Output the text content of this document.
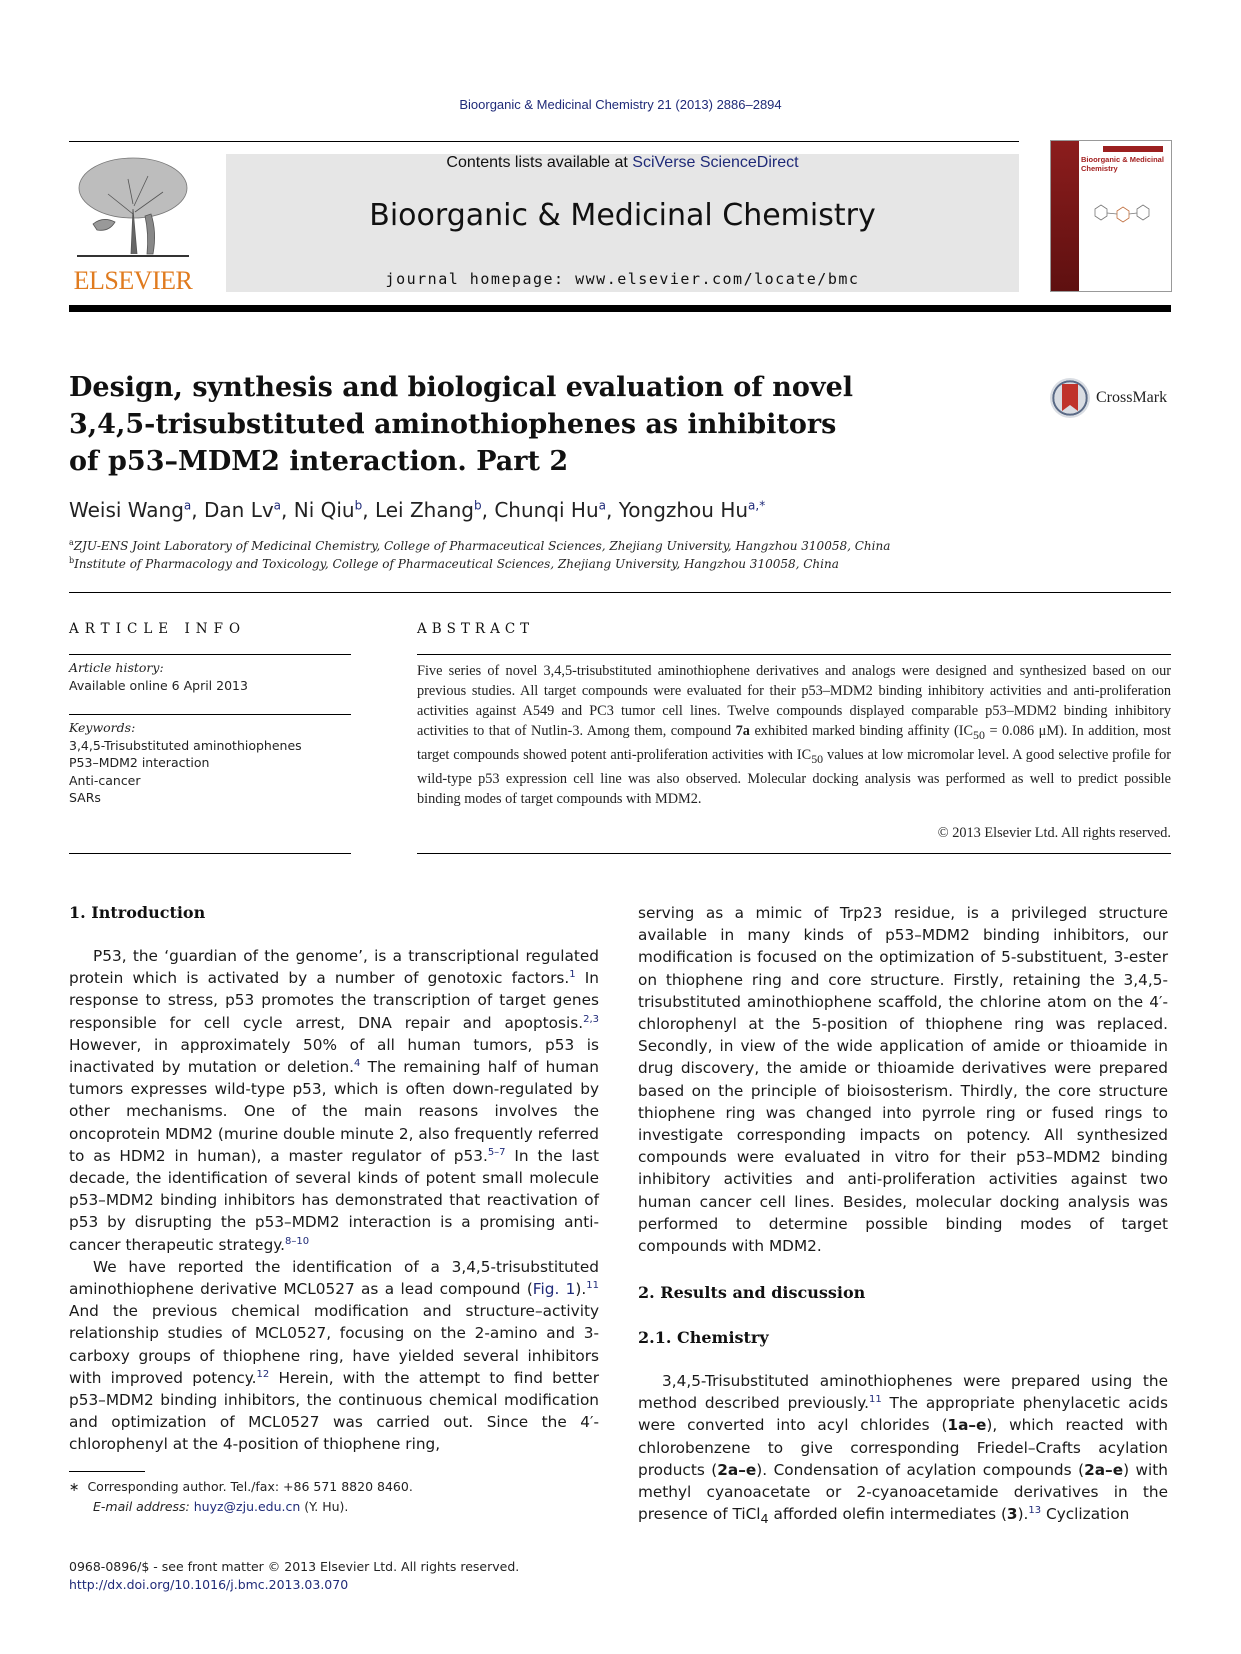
Bioorganic & Medicinal Chemistry 21 (2013) 2886–2894
ELSEVIER
Contents lists available at SciVerse ScienceDirect
Bioorganic & Medicinal Chemistry
journal homepage: www.elsevier.com/locate/bmc
Bioorganic & Medicinal
Chemistry
Design, synthesis and biological evaluation of novel
3,4,5-trisubstituted aminothiophenes as inhibitors
of p53–MDM2 interaction. Part 2
CrossMark
Weisi Wang$^a$, Dan Lv$^a$, Ni Qiu$^b$, Lei Zhang$^b$, Chunqi Hu$^a$, Yongzhou $Hu^{a,*}$
$^a$ZJU-ENS Joint Laboratory of Medicinal Chemistry, College of Pharmaceutical Sciences, Zhejiang University, Hangzhou 310058, China
$^b$Institute of Pharmacology and Toxicology, College of Pharmaceutical Sciences, Zhejiang University, Hangzhou 310058, China
ARTICLE INFO
Article history:
Available online 6 April 2013
Keywords:
3,4,5-Trisubstituted aminothiophenes
P53–MDM2 interaction
Anti-cancer
SARs
ABSTRACT
Five series of novel 3,4,5-trisubstituted aminothiophene derivatives and analogs were designed and synthesized based on our previous studies. All target compounds were evaluated for their p53–MDM2 binding inhibitory activities and anti-proliferation activities against A549 and PC3 tumor cell lines. Twelve compounds displayed comparable p53–MDM2 binding inhibitory activities to that of Nutlin-3. Among them, compound 7a exhibited marked binding affinity ($IC_{50} = 0.086$ μM). In addition, most target compounds showed potent anti-proliferation activities with $IC_{50}$ values at low micromolar level. A good selective profile for wild-type p53 expression cell line was also observed. Molecular docking analysis was performed as well to predict possible binding modes of target compounds with MDM2.
© 2013 Elsevier Ltd. All rights reserved.
1. Introduction

P53, the ‘guardian of the genome’, is a transcriptional regulated protein which is activated by a number of genotoxic factors.$^1$ In response to stress, p53 promotes the transcription of target genes responsible for cell cycle arrest, DNA repair and apoptosis.$^{2,3}$ However, in approximately 50% of all human tumors, p53 is inactivated by mutation or deletion.$^4$ The remaining half of human tumors expresses wild-type p53, which is often down-regulated by other mechanisms. One of the main reasons involves the oncoprotein MDM2 (murine double minute 2, also frequently referred to as HDM2 in human), a master regulator of p53.$^{5-7}$ In the last decade, the identification of several kinds of potent small molecule p53–MDM2 binding inhibitors has demonstrated that reactivation of p53 by disrupting the p53–MDM2 interaction is a promising anti-cancer therapeutic strategy.$^{8-10}$

We have reported the identification of a 3,4,5-trisubstituted aminothiophene derivative MCL0527 as a lead compound (Fig. 1).$^{11}$ And the previous chemical modification and structure–activity relationship studies of MCL0527, focusing on the 2-amino and 3-carboxy groups of thiophene ring, have yielded several inhibitors with improved potency.$^{12}$ Herein, with the attempt to find better p53–MDM2 binding inhibitors, the continuous chemical modification and optimization of MCL0527 was carried out. Since the 4′-chlorophenyl at the 4-position of thiophene ring,

serving as a mimic of Trp23 residue, is a privileged structure available in many kinds of p53–MDM2 binding inhibitors, our modification is focused on the optimization of 5-substituent, 3-ester on thiophene ring and core structure. Firstly, retaining the 3,4,5-trisubstituted aminothiophene scaffold, the chlorine atom on the 4′-chlorophenyl at the 5-position of thiophene ring was replaced. Secondly, in view of the wide application of amide or thioamide in drug discovery, the amide or thioamide derivatives were prepared based on the principle of bioisosterism. Thirdly, the core structure thiophene ring was changed into pyrrole ring or fused rings to investigate corresponding impacts on potency. All synthesized compounds were evaluated in vitro for their p53–MDM2 binding inhibitory activities and anti-proliferation activities against two human cancer cell lines. Besides, molecular docking analysis was performed to determine possible binding modes of target compounds with MDM2.

2. Results and discussion
2.1. Chemistry

3,4,5-Trisubstituted aminothiophenes were prepared using the method described previously.$^{11}$ The appropriate phenylacetic acids were converted into acyl chlorides (1a–e), which reacted with chlorobenzene to give corresponding Friedel–Crafts acylation products (2a–e). Condensation of acylation compounds (2a–e) with methyl cyanoacetate or 2-cyanoacetamide derivatives in the presence of TiCl$_4$ afforded olefin intermediates (3).$^{13}$ Cyclization

∗ Corresponding author. Tel./fax: +86 571 8820 8460.
E-mail address: huyz@zju.edu.cn (Y. Hu).
0968-0896/$ - see front matter © 2013 Elsevier Ltd. All rights reserved.
http://dx.doi.org/10.1016/j.bmc.2013.03.070
